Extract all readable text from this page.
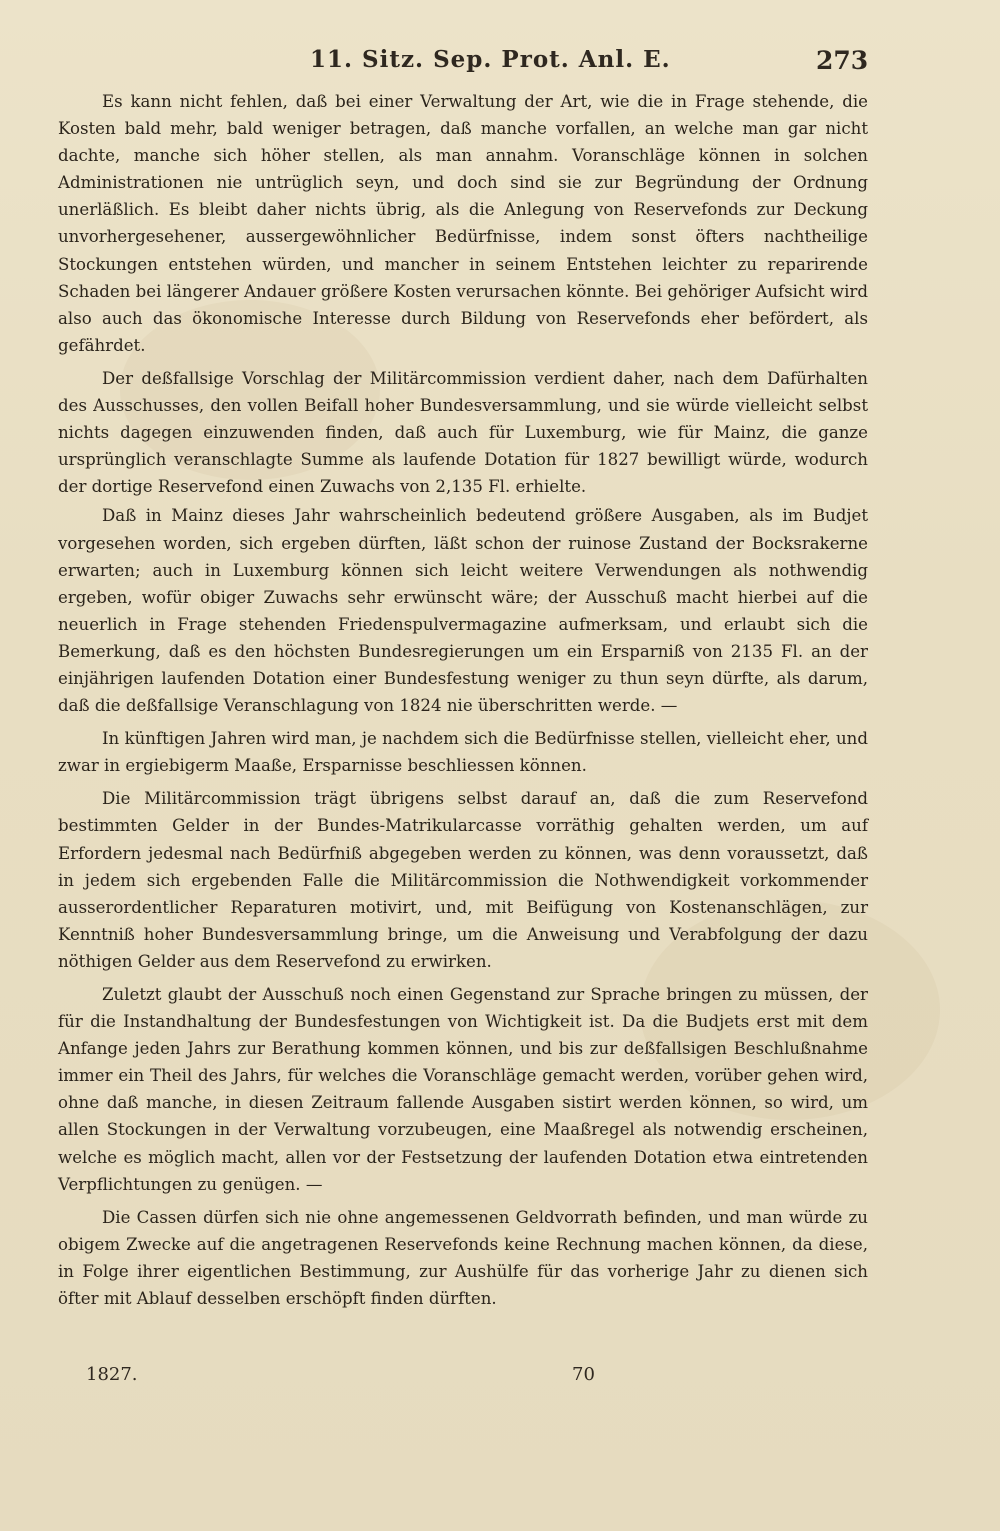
11. Sitz. Sep. Prot. Anl. E.	273

Es kann nicht fehlen, daß bei einer Verwaltung der Art, wie die in Frage stehende, die Kosten bald mehr, bald weniger betragen, daß manche vorfallen, an welche man gar nicht dachte, manche sich höher stellen, als man annahm. Voranschläge können in solchen Administrationen nie untrüglich seyn, und doch sind sie zur Begründung der Ordnung unerläßlich. Es bleibt daher nichts übrig, als die Anlegung von Reservefonds zur Deckung unvorhergesehener, aussergewöhnlicher Bedürfnisse, indem sonst öfters nachtheilige Stockungen entstehen würden, und mancher in seinem Entstehen leichter zu reparirende Schaden bei längerer Andauer größere Kosten verursachen könnte. Bei gehöriger Aufsicht wird also auch das ökonomische Interesse durch Bildung von Reservefonds eher befördert, als gefährdet.

Der deßfallsige Vorschlag der Militärcommission verdient daher, nach dem Dafürhalten des Ausschusses, den vollen Beifall hoher Bundesversammlung, und sie würde vielleicht selbst nichts dagegen einzuwenden finden, daß auch für Luxemburg, wie für Mainz, die ganze ursprünglich veranschlagte Summe als laufende Dotation für 1827 bewilligt würde, wodurch der dortige Reservefond einen Zuwachs von 2,135 Fl. erhielte.

Daß in Mainz dieses Jahr wahrscheinlich bedeutend größere Ausgaben, als im Budjet vorgesehen worden, sich ergeben dürften, läßt schon der ruinose Zustand der Bocksrakerne erwarten; auch in Luxemburg können sich leicht weitere Verwendungen als nothwendig ergeben, wofür obiger Zuwachs sehr erwünscht wäre; der Ausschuß macht hierbei auf die neuerlich in Frage stehenden Friedenspulvermagazine aufmerksam, und erlaubt sich die Bemerkung, daß es den höchsten Bundesregierungen um ein Ersparniß von 2135 Fl. an der einjährigen laufenden Dotation einer Bundesfestung weniger zu thun seyn dürfte, als darum, daß die deßfallsige Veranschlagung von 1824 nie überschritten werde. —

In künftigen Jahren wird man, je nachdem sich die Bedürfnisse stellen, vielleicht eher, und zwar in ergiebigerm Maaße, Ersparnisse beschliessen können.

Die Militärcommission trägt übrigens selbst darauf an, daß die zum Reservefond bestimmten Gelder in der Bundes-Matrikularcasse vorräthig gehalten werden, um auf Erfordern jedesmal nach Bedürfniß abgegeben werden zu können, was denn voraussetzt, daß in jedem sich ergebenden Falle die Militärcommission die Nothwendigkeit vorkommender ausserordentlicher Reparaturen motivirt, und, mit Beifügung von Kostenanschlägen, zur Kenntniß hoher Bundesversammlung bringe, um die Anweisung und Verabfolgung der dazu nöthigen Gelder aus dem Reservefond zu erwirken.

Zuletzt glaubt der Ausschuß noch einen Gegenstand zur Sprache bringen zu müssen, der für die Instandhaltung der Bundesfestungen von Wichtigkeit ist. Da die Budjets erst mit dem Anfange jeden Jahrs zur Berathung kommen können, und bis zur deßfallsigen Beschlußnahme immer ein Theil des Jahrs, für welches die Voranschläge gemacht werden, vorüber gehen wird, ohne daß manche, in diesen Zeitraum fallende Ausgaben sistirt werden können, so wird, um allen Stockungen in der Verwaltung vorzubeugen, eine Maaßregel als notwendig erscheinen, welche es möglich macht, allen vor der Festsetzung der laufenden Dotation etwa eintretenden Verpflichtungen zu genügen. —

Die Cassen dürfen sich nie ohne angemessenen Geldvorrath befinden, und man würde zu obigem Zwecke auf die angetragenen Reservefonds keine Rechnung machen können, da diese, in Folge ihrer eigentlichen Bestimmung, zur Aushülfe für das vorherige Jahr zu dienen sich öfter mit Ablauf desselben erschöpft finden dürften.

1827.	70
